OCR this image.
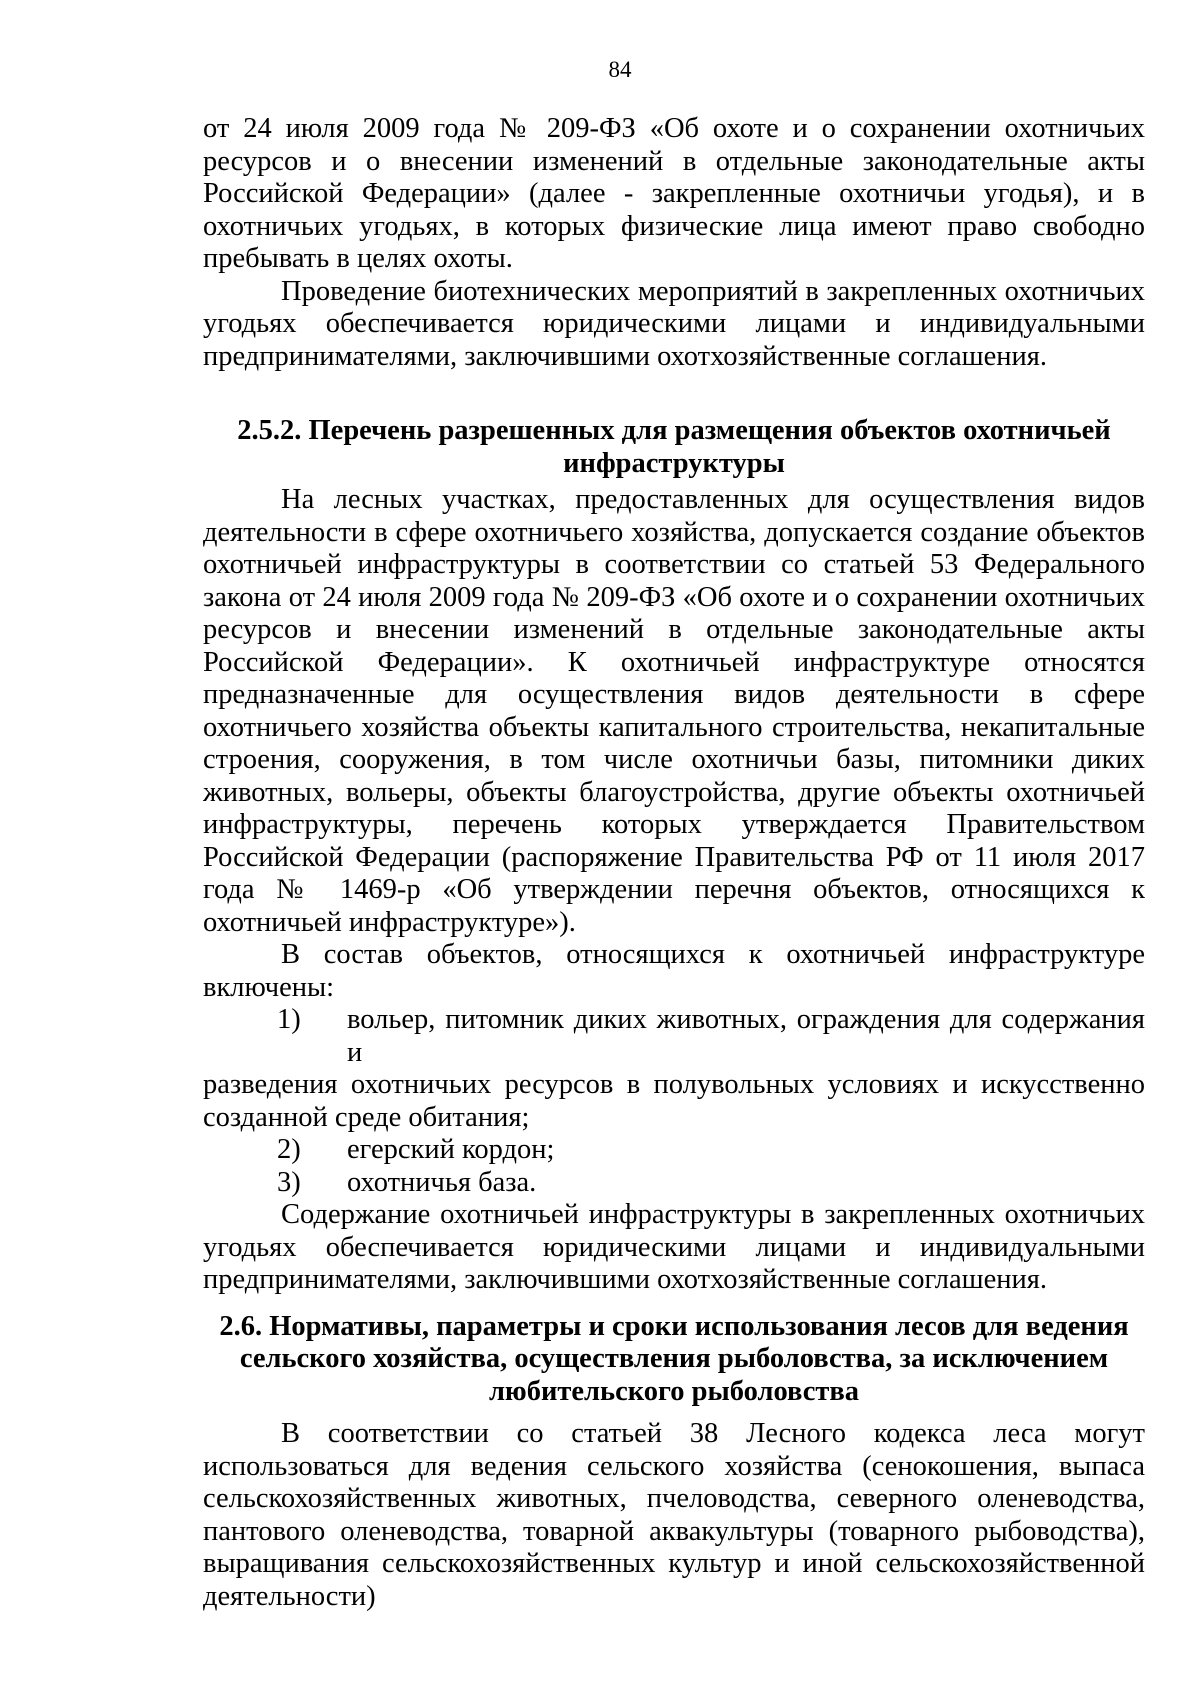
84

от 24 июля 2009 года № 209-ФЗ «Об охоте и о сохранении охотничьих ресурсов и о внесении изменений в отдельные законодательные акты Российской Федерации» (далее - закрепленные охотничьи угодья), и в охотничьих угодьях, в которых физические лица имеют право свободно пребывать в целях охоты.

Проведение биотехнических мероприятий в закрепленных охотничьих угодьях обеспечивается юридическими лицами и индивидуальными предпринимателями, заключившими охотхозяйственные соглашения.

2.5.2. Перечень разрешенных для размещения объектов охотничьей
инфраструктуры

На лесных участках, предоставленных для осуществления видов деятельности в сфере охотничьего хозяйства, допускается создание объектов охотничьей инфраструктуры в соответствии со статьей 53 Федерального закона от 24 июля 2009 года № 209-ФЗ «Об охоте и о сохранении охотничьих ресурсов и внесении изменений в отдельные законодательные акты Российской Федерации». К охотничьей инфраструктуре относятся предназначенные для осуществления видов деятельности в сфере охотничьего хозяйства объекты капитального строительства, некапитальные строения, сооружения, в том числе охотничьи базы, питомники диких животных, вольеры, объекты благоустройства, другие объекты охотничьей инфраструктуры, перечень которых утверждается Правительством Российской Федерации (распоряжение Правительства РФ от 11 июля 2017 года № 1469-р «Об утверждении перечня объектов, относящихся к охотничьей инфраструктуре»).

В состав объектов, относящихся к охотничьей инфраструктуре включены:

1)	вольер, питомник диких животных, ограждения для содержания и

разведения охотничьих ресурсов в полувольных условиях и искусственно созданной среде обитания;

2)	егерский кордон;
3)	охотничья база.

Содержание охотничьей инфраструктуры в закрепленных охотничьих угодьях обеспечивается юридическими лицами и индивидуальными предпринимателями, заключившими охотхозяйственные соглашения.

2.6. Нормативы, параметры и сроки использования лесов для ведения
сельского хозяйства, осуществления рыболовства, за исключением
любительского рыболовства

В соответствии со статьей 38 Лесного кодекса леса могут использоваться для ведения сельского хозяйства (сенокошения, выпаса сельскохозяйственных животных, пчеловодства, северного оленеводства, пантового оленеводства, товарной аквакультуры (товарного рыбоводства), выращивания сельскохозяйственных культур и иной сельскохозяйственной деятельности)
